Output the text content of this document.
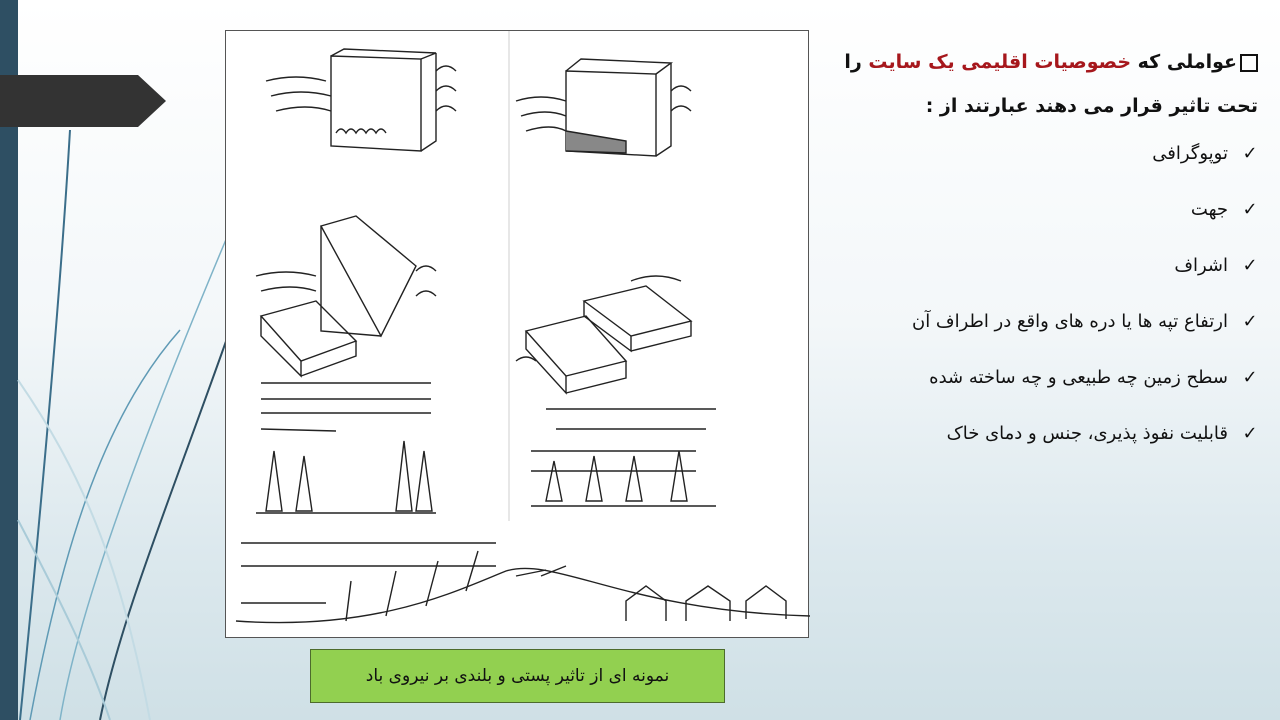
نمونه ای از تاثیر پستی و بلندی بر نیروی باد

عواملی که خصوصیات اقلیمی یک سایت را

تحت تاثیر قرار می دهند عبارتند از :

✓
توپوگرافی
✓
جهت
✓
اشراف
✓
ارتفاع تپه ها یا دره های واقع در اطراف آن
✓
سطح زمین چه طبیعی و چه ساخته شده
✓
قابلیت نفوذ پذیری، جنس و دمای خاک
